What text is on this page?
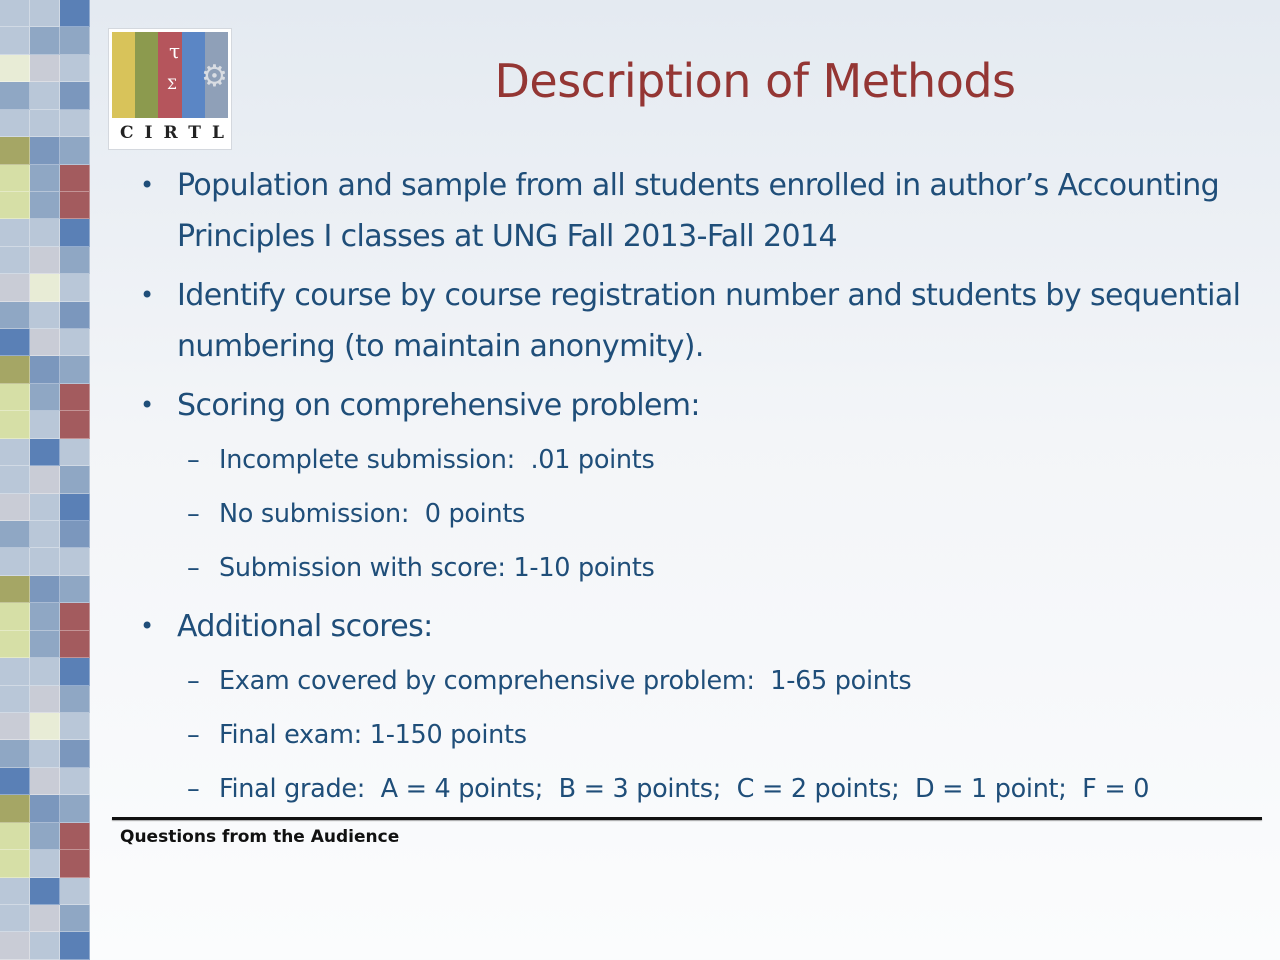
τ
Σ ⚙
CIRTL
Description of Methods
• Population and sample from all students enrolled in author’s Accounting Principles I classes at UNG Fall 2013-Fall 2014
• Identify course by course registration number and students by sequential numbering (to maintain anonymity).
• Scoring on comprehensive problem:
– Incomplete submission:  .01 points
– No submission:  0 points
– Submission with score: 1-10 points
• Additional scores:
– Exam covered by comprehensive problem:  1-65 points
– Final exam: 1-150 points
– Final grade:  A = 4 points;  B = 3 points;  C = 2 points;  D = 1 point;  F = 0
Questions from the Audience
